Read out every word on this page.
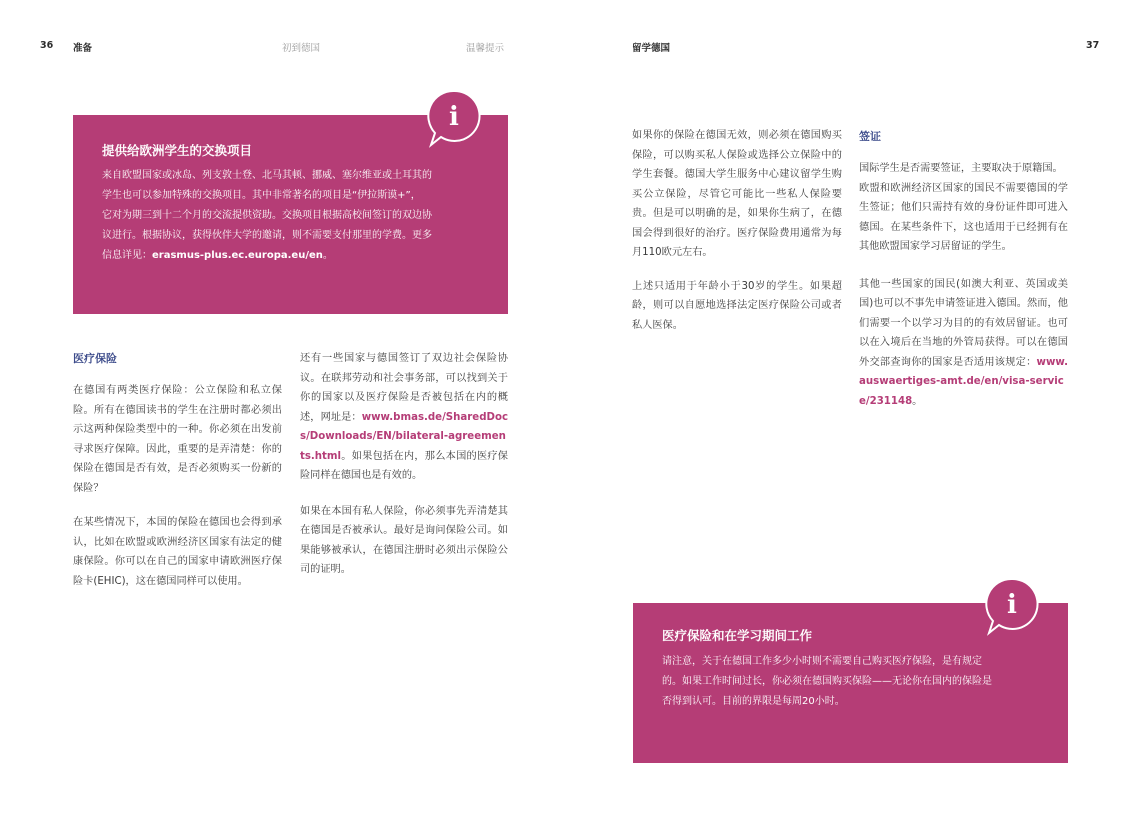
36 准备	初到德国	温馨提示	留学德国	37
提供给欧洲学生的交换项目

来自欧盟国家或冰岛、列支敦士登、北马其顿、挪威、塞尔维亚或土耳其的

学生也可以参加特殊的交换项目。其中非常著名的项目是“伊拉斯谟+”，

它对为期三到十二个月的交流提供资助。交换项目根据高校间签订的双边协

议进行。根据协议，获得伙伴大学的邀请，则不需要支付那里的学费。更多

信息详见：erasmus-plus.ec.europa.eu/en。

i

医疗保险

在德国有两类医疗保险：公立保险和私立保险。所有在德国读书的学生在注册时都必须出示这两种保险类型中的一种。你必须在出发前寻求医疗保障。因此，重要的是弄清楚：你的保险在德国是否有效，是否必须购买一份新的保险？

在某些情况下，本国的保险在德国也会得到承认，比如在欧盟或欧洲经济区国家有法定的健康保险。你可以在自己的国家申请欧洲医疗保险卡(EHIC)，这在德国同样可以使用。

还有一些国家与德国签订了双边社会保险协议。在联邦劳动和社会事务部，可以找到关于你的国家以及医疗保险是否被包括在内的概述，网址是：www.bmas.de/SharedDocs/Downloads/EN/bilateral-agreements.html。如果包括在内，那么本国的医疗保险同样在德国也是有效的。

如果在本国有私人保险，你必须事先弄清楚其在德国是否被承认。最好是询问保险公司。如果能够被承认，在德国注册时必须出示保险公司的证明。

如果你的保险在德国无效，则必须在德国购买保险，可以购买私人保险或选择公立保险中的学生套餐。德国大学生服务中心建议留学生购买公立保险，尽管它可能比一些私人保险要贵。但是可以明确的是，如果你生病了，在德国会得到很好的治疗。医疗保险费用通常为每月110欧元左右。

上述只适用于年龄小于30岁的学生。如果超龄，则可以自愿地选择法定医疗保险公司或者私人医保。

签证

国际学生是否需要签证，主要取决于原籍国。

欧盟和欧洲经济区国家的国民不需要德国的学生签证；他们只需持有效的身份证件即可进入德国。在某些条件下，这也适用于已经拥有在其他欧盟国家学习居留证的学生。

其他一些国家的国民(如澳大利亚、英国或美国)也可以不事先申请签证进入德国。然而，他们需要一个以学习为目的的有效居留证。也可以在入境后在当地的外管局获得。可以在德国外交部查询你的国家是否适用该规定：www.auswaertiges-amt.de/en/visa-service/231148。

医疗保险和在学习期间工作

请注意，关于在德国工作多少小时则不需要自己购买医疗保险，是有规定

的。如果工作时间过长，你必须在德国购买保险——无论你在国内的保险是

否得到认可。目前的界限是每周20小时。

i
